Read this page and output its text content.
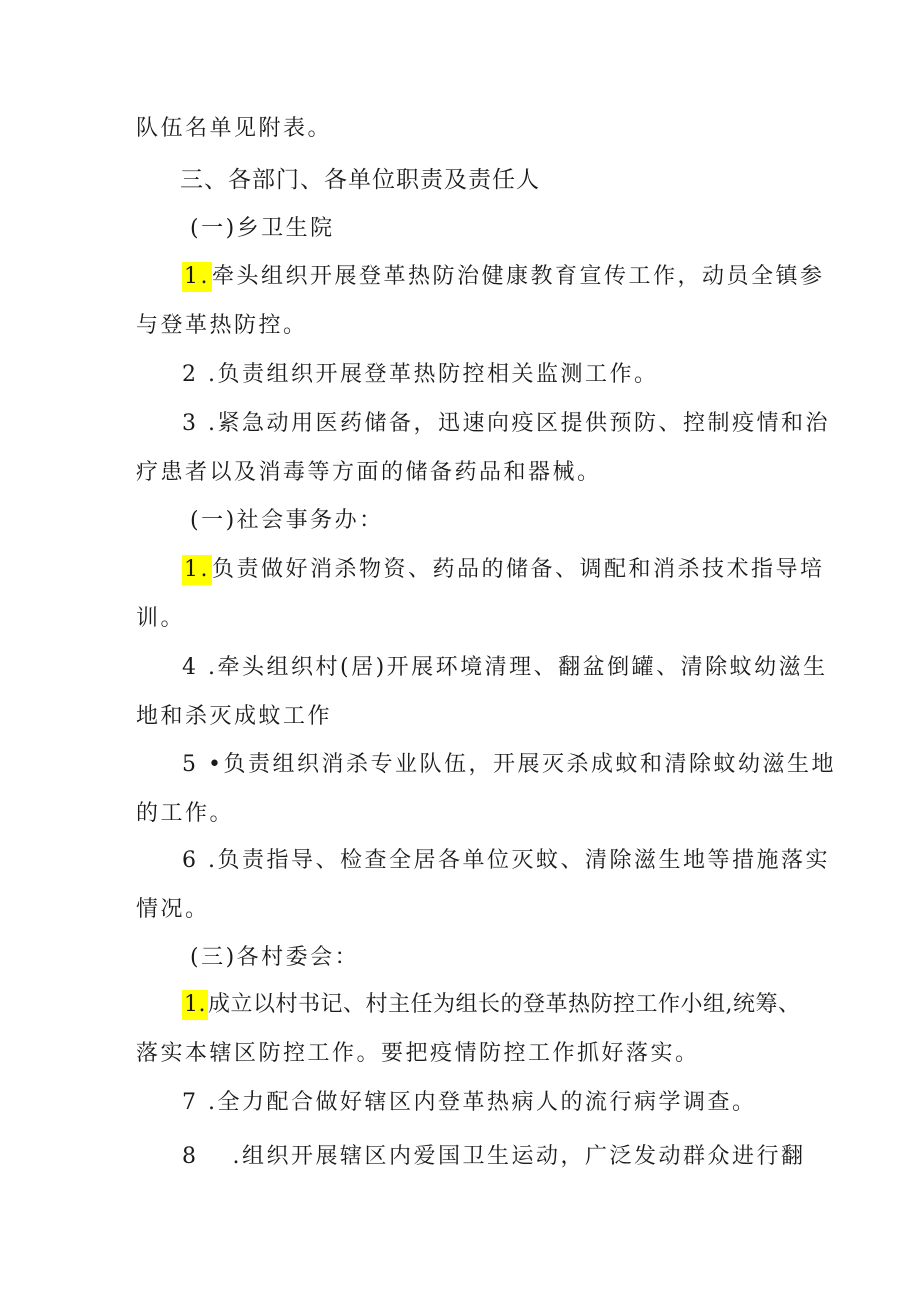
队伍名单见附表。
三、各部门、各单位职责及责任人
(一)乡卫生院
1.牵头组织开展登革热防治健康教育宣传工作，动员全镇参
与登革热防控。
2 .负责组织开展登革热防控相关监测工作。
3 .紧急动用医药储备，迅速向疫区提供预防、控制疫情和治
疗患者以及消毒等方面的储备药品和器械。
(一)社会事务办：
1.负责做好消杀物资、药品的储备、调配和消杀技术指导培
训。
4 .牵头组织村(居)开展环境清理、翻盆倒罐、清除蚊幼滋生
地和杀灭成蚊工作
5 •负责组织消杀专业队伍，开展灭杀成蚊和清除蚊幼滋生地
的工作。
6 .负责指导、检查全居各单位灭蚊、清除滋生地等措施落实
情况。
(三)各村委会：
1.成立以村书记、村主任为组长的登革热防控工作小组,统筹、
落实本辖区防控工作。要把疫情防控工作抓好落实。
7 .全力配合做好辖区内登革热病人的流行病学调查。
8 .组织开展辖区内爱国卫生运动，广泛发动群众进行翻
